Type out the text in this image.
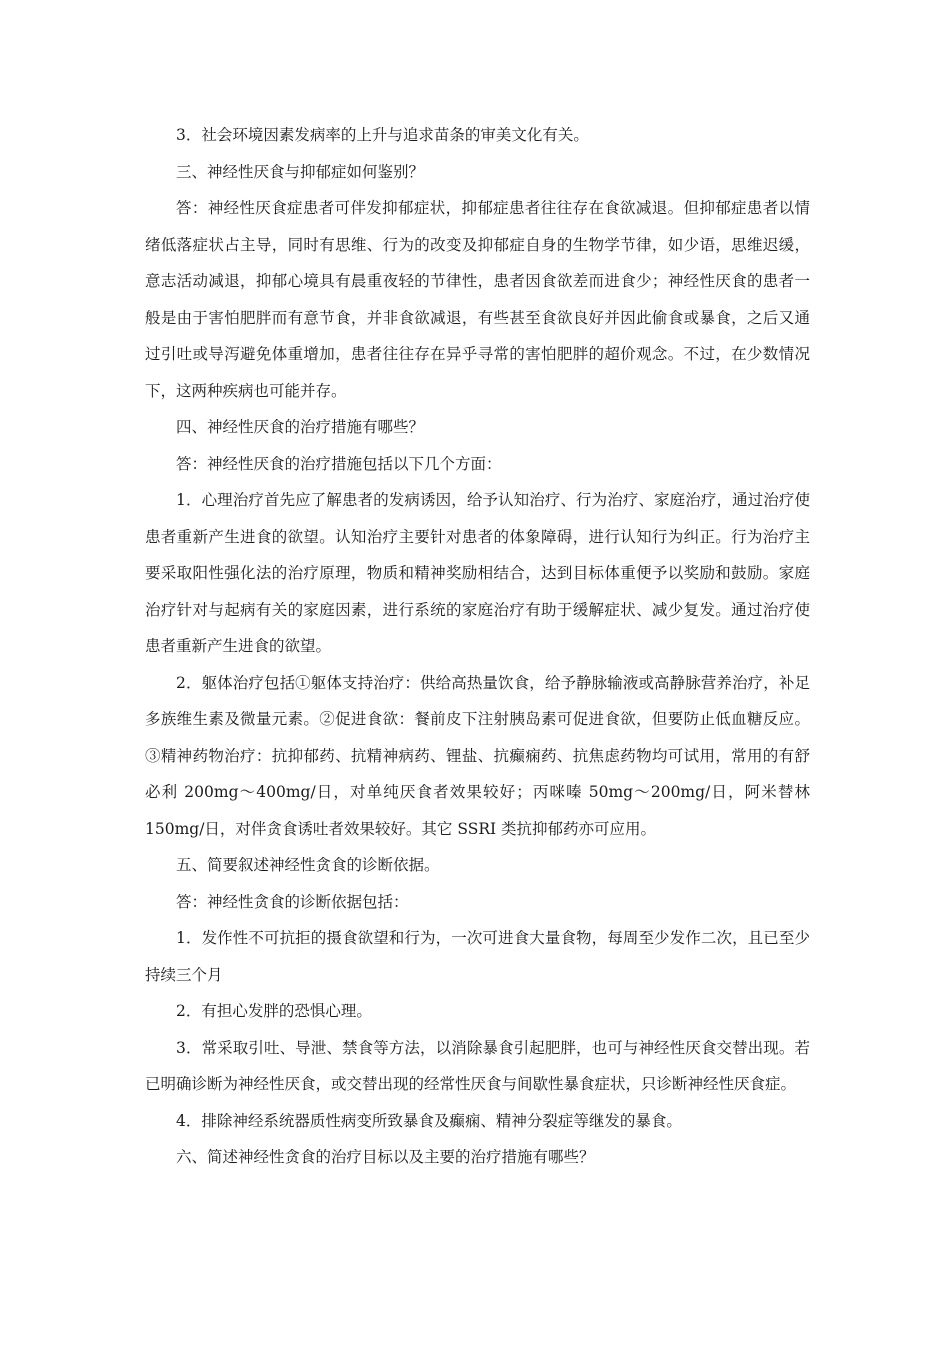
3．社会环境因素发病率的上升与追求苗条的审美文化有关。

三、神经性厌食与抑郁症如何鉴别？

答：神经性厌食症患者可伴发抑郁症状，抑郁症患者往往存在食欲减退。但抑郁症患者以情绪低落症状占主导，同时有思维、行为的改变及抑郁症自身的生物学节律，如少语，思维迟缓，意志活动减退，抑郁心境具有晨重夜轻的节律性，患者因食欲差而进食少；神经性厌食的患者一般是由于害怕肥胖而有意节食，并非食欲减退，有些甚至食欲良好并因此偷食或暴食，之后又通过引吐或导泻避免体重增加，患者往往存在异乎寻常的害怕肥胖的超价观念。不过，在少数情况下，这两种疾病也可能并存。

四、神经性厌食的治疗措施有哪些？

答：神经性厌食的治疗措施包括以下几个方面：

1．心理治疗首先应了解患者的发病诱因，给予认知治疗、行为治疗、家庭治疗，通过治疗使患者重新产生进食的欲望。认知治疗主要针对患者的体象障碍，进行认知行为纠正。行为治疗主要采取阳性强化法的治疗原理，物质和精神奖励相结合，达到目标体重便予以奖励和鼓励。家庭治疗针对与起病有关的家庭因素，进行系统的家庭治疗有助于缓解症状、减少复发。通过治疗使患者重新产生进食的欲望。

2．躯体治疗包括①躯体支持治疗：供给高热量饮食，给予静脉输液或高静脉营养治疗，补足多族维生素及微量元素。②促进食欲：餐前皮下注射胰岛素可促进食欲，但要防止低血糖反应。③精神药物治疗：抗抑郁药、抗精神病药、锂盐、抗癫痫药、抗焦虑药物均可试用，常用的有舒必利 200mg～400mg/日，对单纯厌食者效果较好；丙咪嗪 50mg～200mg/日，阿米替林 150mg/日，对伴贪食诱吐者效果较好。其它 SSRI 类抗抑郁药亦可应用。

五、简要叙述神经性贪食的诊断依据。

答：神经性贪食的诊断依据包括：

1．发作性不可抗拒的摄食欲望和行为，一次可进食大量食物，每周至少发作二次，且已至少持续三个月

2．有担心发胖的恐惧心理。

3．常采取引吐、导泄、禁食等方法，以消除暴食引起肥胖，也可与神经性厌食交替出现。若已明确诊断为神经性厌食，或交替出现的经常性厌食与间歇性暴食症状，只诊断神经性厌食症。

4．排除神经系统器质性病变所致暴食及癫痫、精神分裂症等继发的暴食。

六、简述神经性贪食的治疗目标以及主要的治疗措施有哪些？
